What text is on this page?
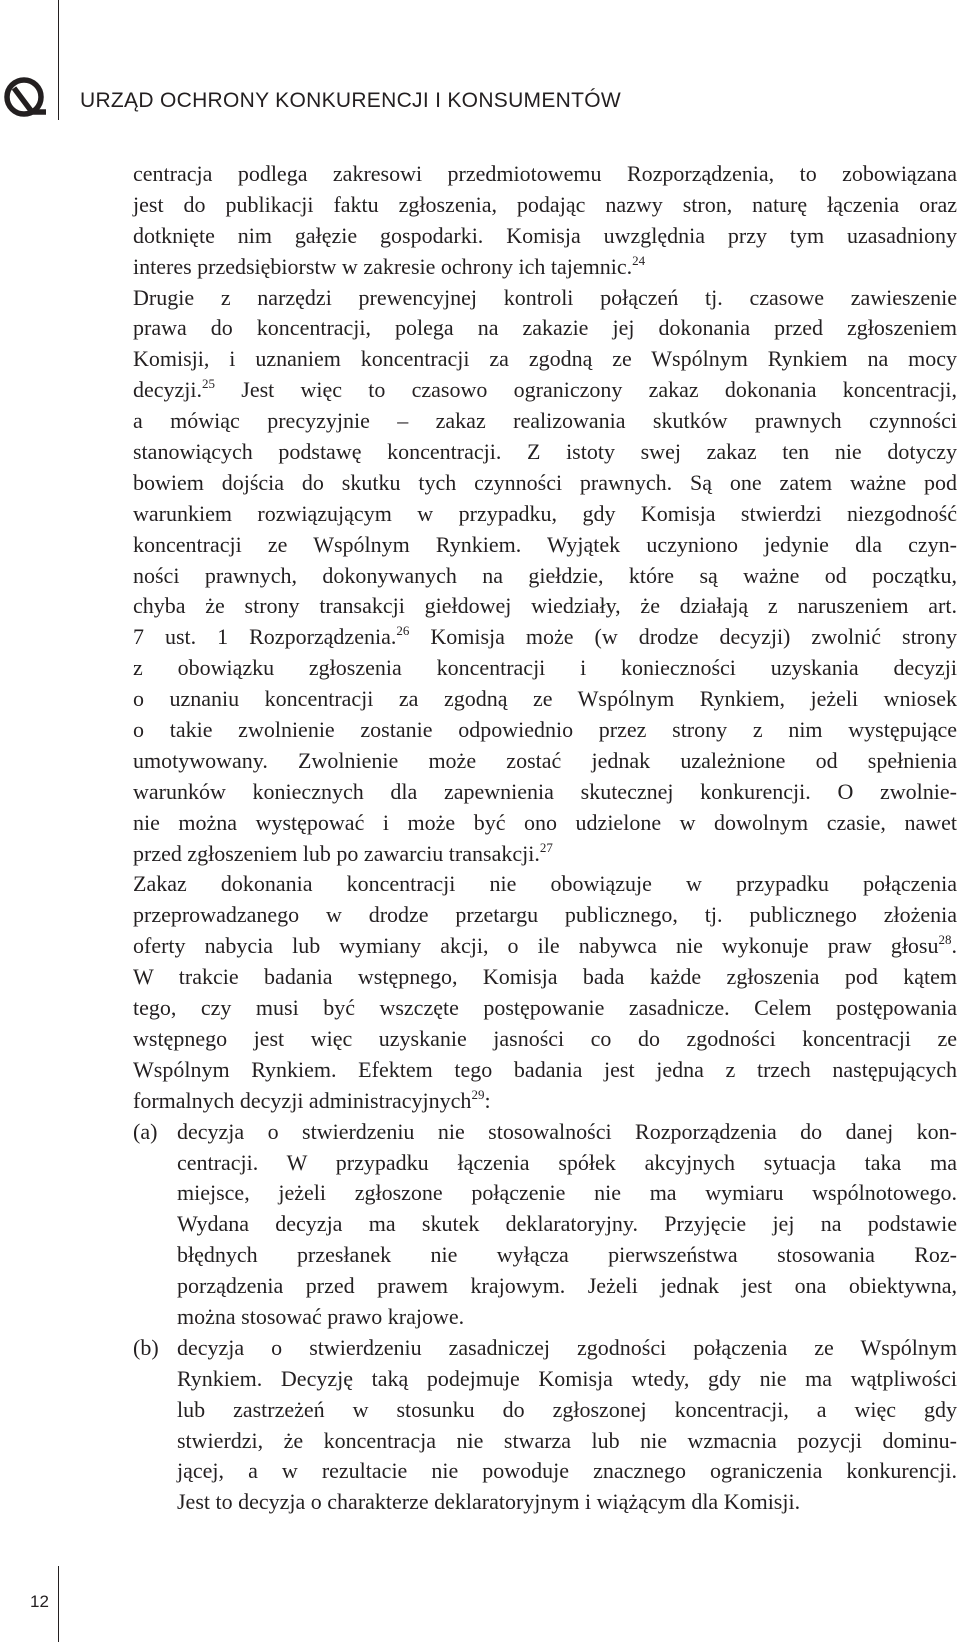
URZĄD OCHRONY KONKURENCJI I KONSUMENTÓW
centracja podlega zakresowi przedmiotowemu Rozporządzenia, to zobowiązana
jest do publikacji faktu zgłoszenia, podając nazwy stron, naturę łączenia oraz
dotknięte nim gałęzie gospodarki. Komisja uwzględnia przy tym uzasadniony
interes przedsiębiorstw w zakresie ochrony ich tajemnic.$^{24}$
Drugie z narzędzi prewencyjnej kontroli połączeń tj. czasowe zawieszenie
prawa do koncentracji, polega na zakazie jej dokonania przed zgłoszeniem
Komisji, i uznaniem koncentracji za zgodną ze Wspólnym Rynkiem na mocy
decyzji.$^{25}$ Jest więc to czasowo ograniczony zakaz dokonania koncentracji,
a mówiąc precyzyjnie – zakaz realizowania skutków prawnych czynności
stanowiących podstawę koncentracji. Z istoty swej zakaz ten nie dotyczy
bowiem dojścia do skutku tych czynności prawnych. Są one zatem ważne pod
warunkiem rozwiązującym w przypadku, gdy Komisja stwierdzi niezgodność
koncentracji ze Wspólnym Rynkiem. Wyjątek uczyniono jedynie dla czyn-
ności prawnych, dokonywanych na giełdzie, które są ważne od początku,
chyba że strony transakcji giełdowej wiedziały, że działają z naruszeniem art.
7 ust. 1 Rozporządzenia.$^{26}$ Komisja może (w drodze decyzji) zwolnić strony
z obowiązku zgłoszenia koncentracji i konieczności uzyskania decyzji
o uznaniu koncentracji za zgodną ze Wspólnym Rynkiem, jeżeli wniosek
o takie zwolnienie zostanie odpowiednio przez strony z nim występujące
umotywowany. Zwolnienie może zostać jednak uzależnione od spełnienia
warunków koniecznych dla zapewnienia skutecznej konkurencji. O zwolnie-
nie można występować i może być ono udzielone w dowolnym czasie, nawet
przed zgłoszeniem lub po zawarciu transakcji.$^{27}$
Zakaz dokonania koncentracji nie obowiązuje w przypadku połączenia
przeprowadzanego w drodze przetargu publicznego, tj. publicznego złożenia
oferty nabycia lub wymiany akcji, o ile nabywca nie wykonuje praw głosu$^{28}$.
W trakcie badania wstępnego, Komisja bada każde zgłoszenia pod kątem
tego, czy musi być wszczęte postępowanie zasadnicze. Celem postępowania
wstępnego jest więc uzyskanie jasności co do zgodności koncentracji ze
Wspólnym Rynkiem. Efektem tego badania jest jedna z trzech następujących
formalnych decyzji administracyjnych$^{29}$:
(a) decyzja o stwierdzeniu nie stosowalności Rozporządzenia do danej kon-
centracji. W przypadku łączenia spółek akcyjnych sytuacja taka ma
miejsce, jeżeli zgłoszone połączenie nie ma wymiaru wspólnotowego.
Wydana decyzja ma skutek deklaratoryjny. Przyjęcie jej na podstawie
błędnych przesłanek nie wyłącza pierwszeństwa stosowania Roz-
porządzenia przed prawem krajowym. Jeżeli jednak jest ona obiektywna,
można stosować prawo krajowe.
(b) decyzja o stwierdzeniu zasadniczej zgodności połączenia ze Wspólnym
Rynkiem. Decyzję taką podejmuje Komisja wtedy, gdy nie ma wątpliwości
lub zastrzeżeń w stosunku do zgłoszonej koncentracji, a więc gdy
stwierdzi, że koncentracja nie stwarza lub nie wzmacnia pozycji dominu-
jącej, a w rezultacie nie powoduje znacznego ograniczenia konkurencji.
Jest to decyzja o charakterze deklaratoryjnym i wiążącym dla Komisji.
12
